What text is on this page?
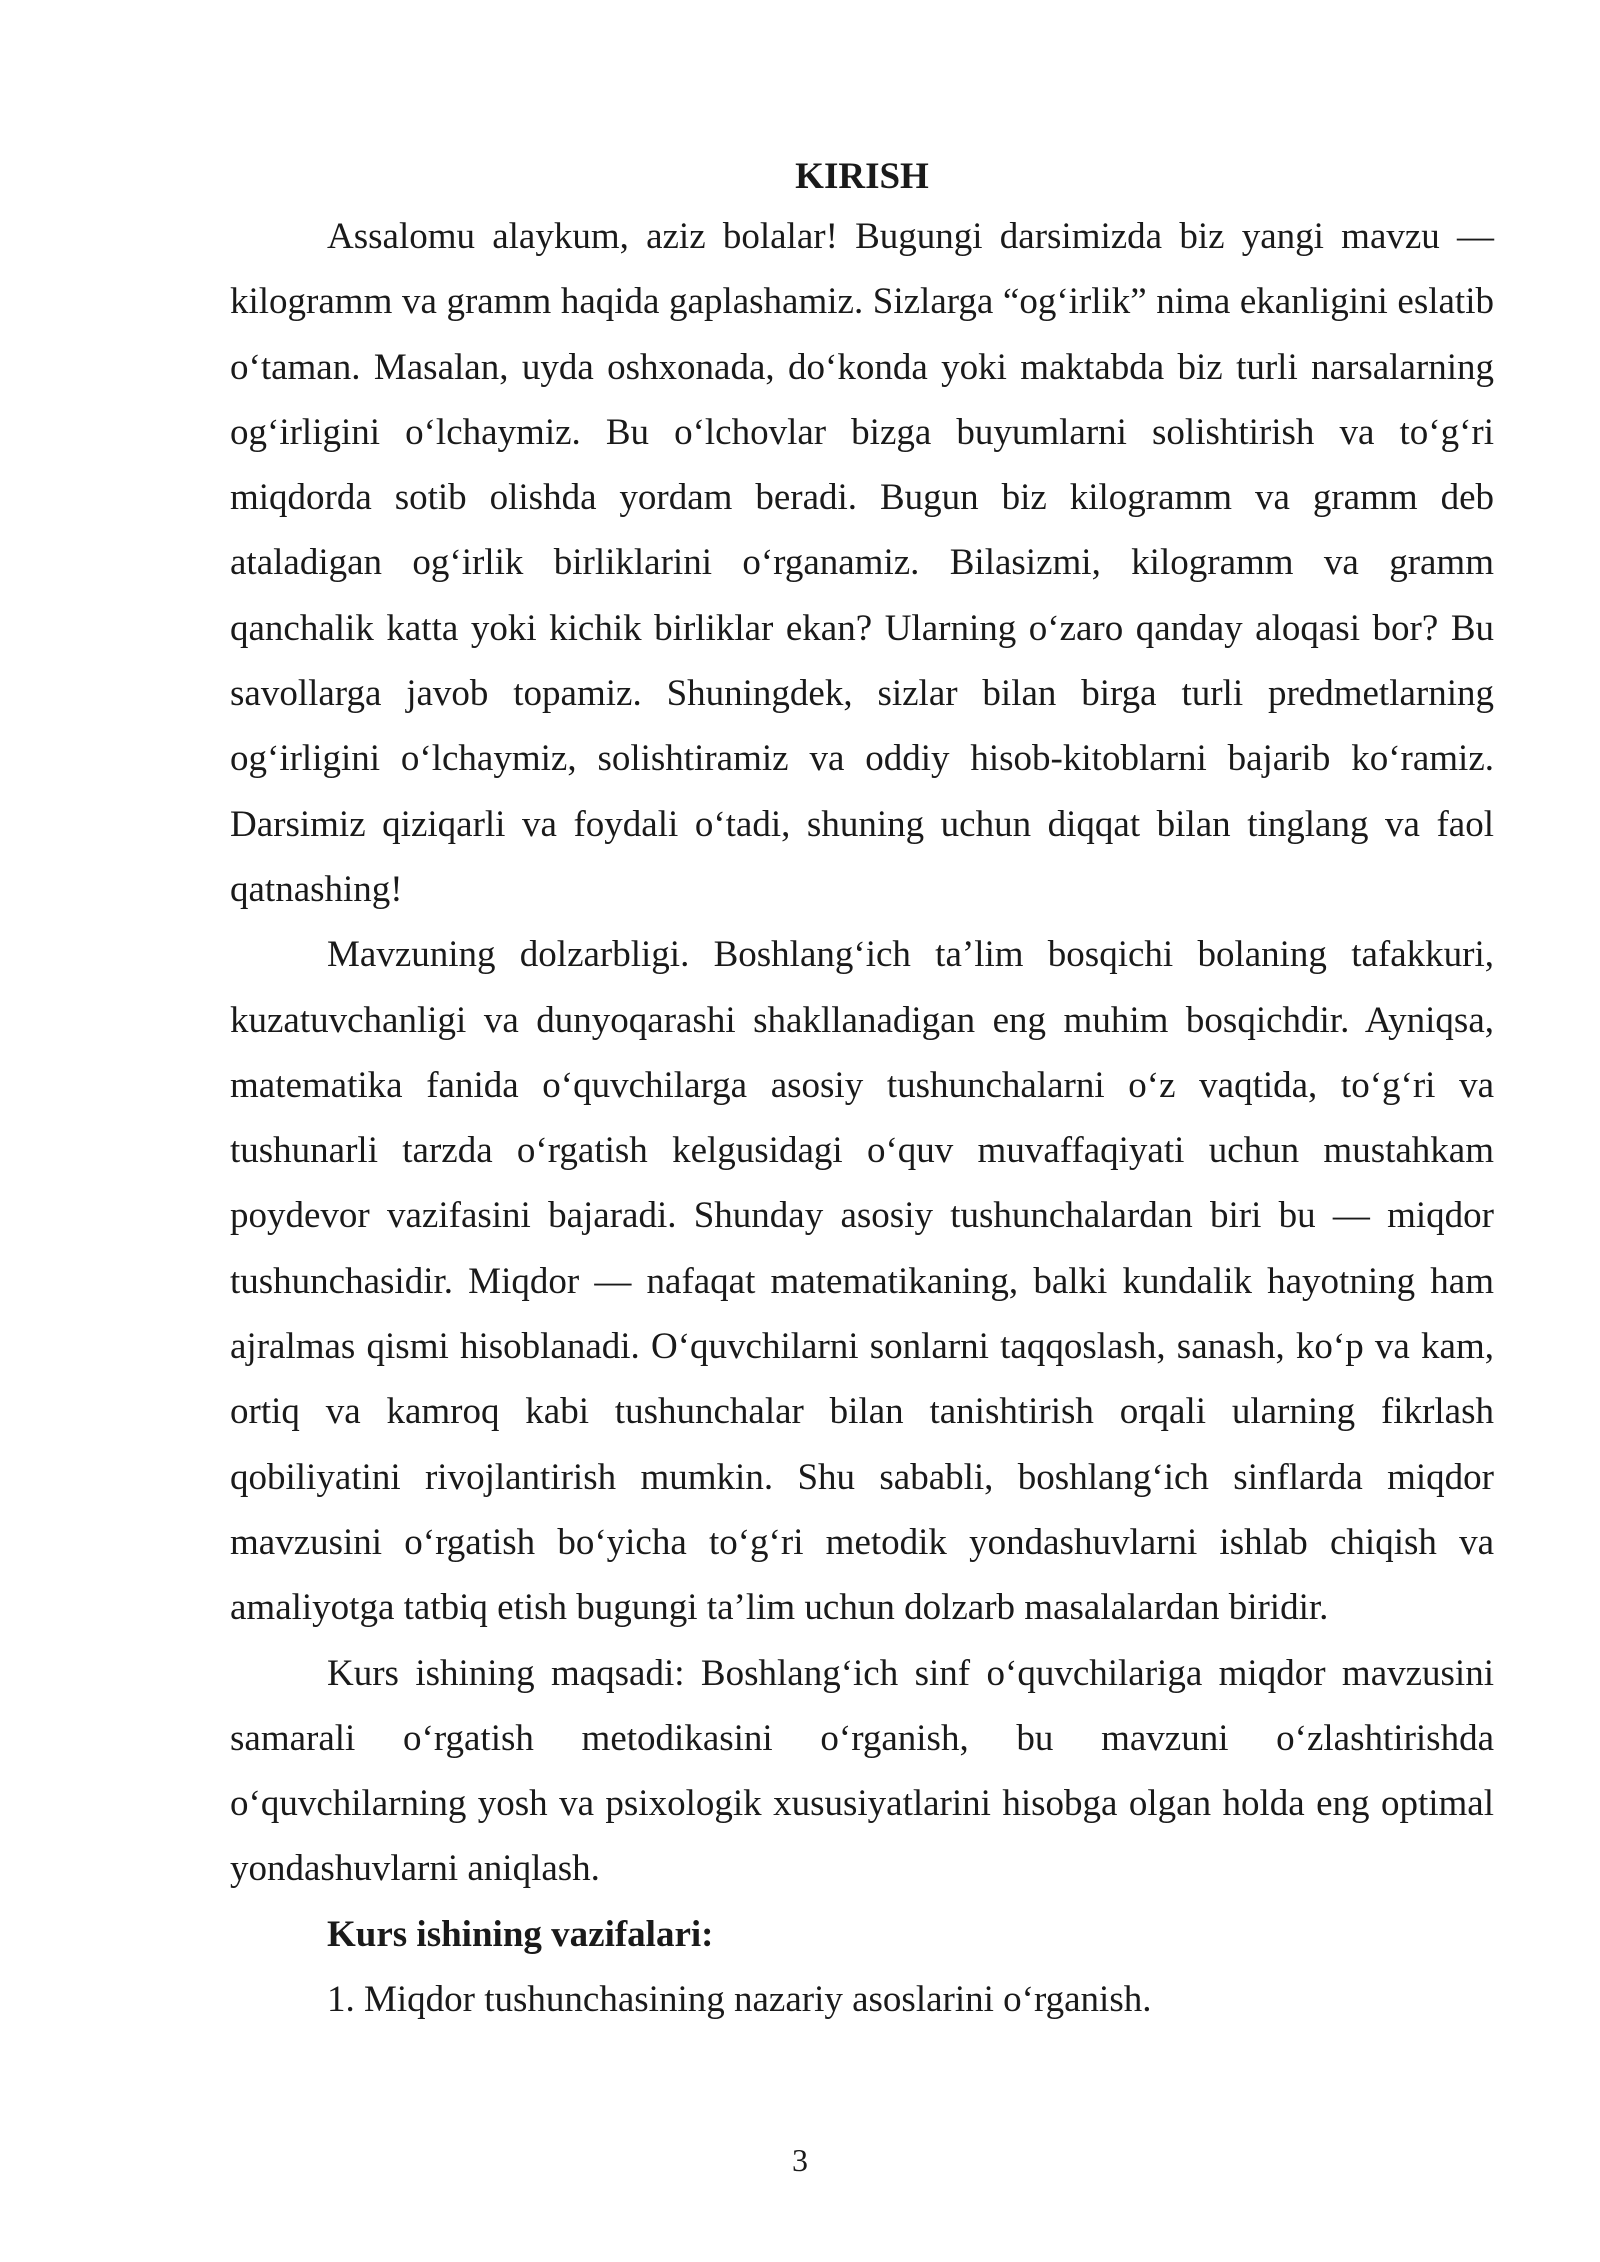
KIRISH

Assalomu alaykum, aziz bolalar! Bugungi darsimizda biz yangi mavzu — kilogramm va gramm haqida gaplashamiz. Sizlarga “og‘irlik” nima ekanligini eslatib o‘taman. Masalan, uyda oshxonada, do‘konda yoki maktabda biz turli narsalarning og‘irligini o‘lchaymiz. Bu o‘lchovlar bizga buyumlarni solishtirish va to‘g‘ri miqdorda sotib olishda yordam beradi. Bugun biz kilogramm va gramm deb ataladigan og‘irlik birliklarini o‘rganamiz. Bilasizmi, kilogramm va gramm qanchalik katta yoki kichik birliklar ekan? Ularning o‘zaro qanday aloqasi bor? Bu savollarga javob topamiz. Shuningdek, sizlar bilan birga turli predmetlarning og‘irligini o‘lchaymiz, solishtiramiz va oddiy hisob-kitoblarni bajarib ko‘ramiz. Darsimiz qiziqarli va foydali o‘tadi, shuning uchun diqqat bilan tinglang va faol qatnashing!

Mavzuning dolzarbligi. Boshlang‘ich ta’lim bosqichi bolaning tafakkuri, kuzatuvchanligi va dunyoqarashi shakllanadigan eng muhim bosqichdir. Ayniqsa, matematika fanida o‘quvchilarga asosiy tushunchalarni o‘z vaqtida, to‘g‘ri va tushunarli tarzda o‘rgatish kelgusidagi o‘quv muvaffaqiyati uchun mustahkam poydevor vazifasini bajaradi. Shunday asosiy tushunchalardan biri bu — miqdor tushunchasidir. Miqdor — nafaqat matematikaning, balki kundalik hayotning ham ajralmas qismi hisoblanadi. O‘quvchilarni sonlarni taqqoslash, sanash, ko‘p va kam, ortiq va kamroq kabi tushunchalar bilan tanishtirish orqali ularning fikrlash qobiliyatini rivojlantirish mumkin. Shu sababli, boshlang‘ich sinflarda miqdor mavzusini o‘rgatish bo‘yicha to‘g‘ri metodik yondashuvlarni ishlab chiqish va amaliyotga tatbiq etish bugungi ta’lim uchun dolzarb masalalardan biridir.

Kurs ishining maqsadi: Boshlang‘ich sinf o‘quvchilariga miqdor mavzusini samarali o‘rgatish metodikasini o‘rganish, bu mavzuni o‘zlashtirishda o‘quvchilarning yosh va psixologik xususiyatlarini hisobga olgan holda eng optimal yondashuvlarni aniqlash.

Kurs ishining vazifalari:

1. Miqdor tushunchasining nazariy asoslarini o‘rganish.

3
